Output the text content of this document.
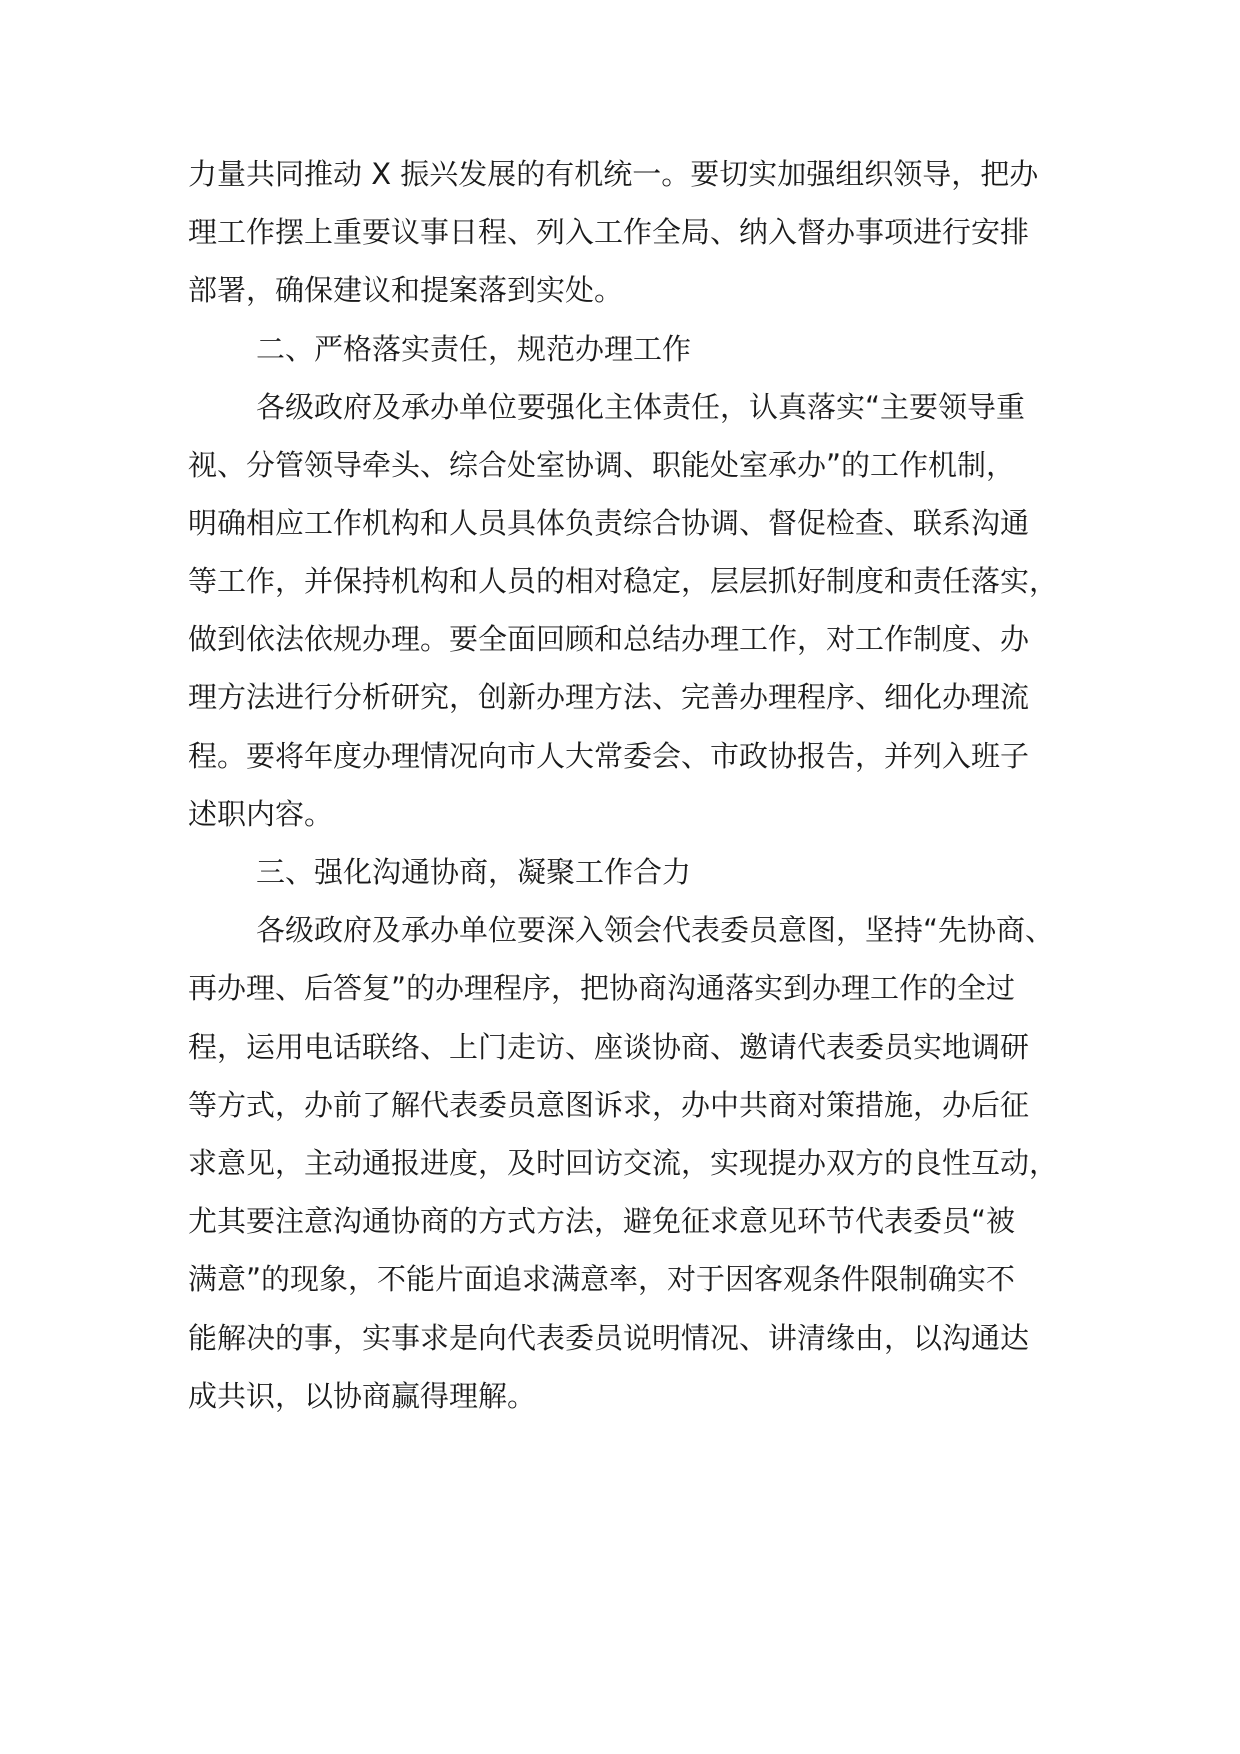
力量共同推动 X 振兴发展的有机统一。要切实加强组织领导，把办
理工作摆上重要议事日程、列入工作全局、纳入督办事项进行安排
部署，确保建议和提案落到实处。
二、严格落实责任，规范办理工作
各级政府及承办单位要强化主体责任，认真落实“主要领导重
视、分管领导牵头、综合处室协调、职能处室承办”的工作机制，
明确相应工作机构和人员具体负责综合协调、督促检查、联系沟通
等工作，并保持机构和人员的相对稳定，层层抓好制度和责任落实，
做到依法依规办理。要全面回顾和总结办理工作，对工作制度、办
理方法进行分析研究，创新办理方法、完善办理程序、细化办理流
程。要将年度办理情况向市人大常委会、市政协报告，并列入班子
述职内容。
三、强化沟通协商，凝聚工作合力
各级政府及承办单位要深入领会代表委员意图，坚持“先协商、
再办理、后答复”的办理程序，把协商沟通落实到办理工作的全过
程，运用电话联络、上门走访、座谈协商、邀请代表委员实地调研
等方式，办前了解代表委员意图诉求，办中共商对策措施，办后征
求意见，主动通报进度，及时回访交流，实现提办双方的良性互动，
尤其要注意沟通协商的方式方法，避免征求意见环节代表委员“被
满意”的现象，不能片面追求满意率，对于因客观条件限制确实不
能解决的事，实事求是向代表委员说明情况、讲清缘由，以沟通达
成共识，以协商赢得理解。
